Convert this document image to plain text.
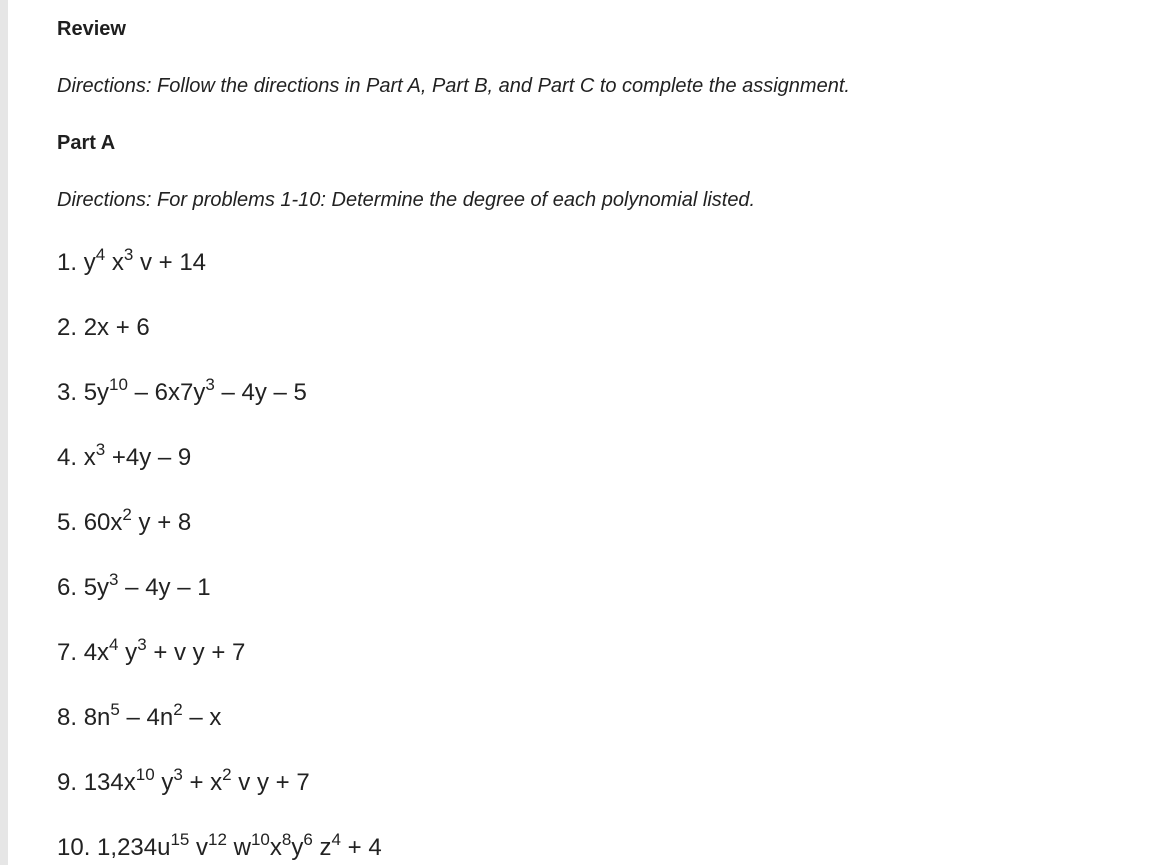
Review

Directions: Follow the directions in Part A, Part B, and Part C to complete the assignment.

Part A

Directions: For problems 1-10: Determine the degree of each polynomial listed.

1. $y^4$ $x^3$ v + 14

2. 2x + 6

3. $5y^{10} - 6x7y^3 - 4y - 5$

4. $x^3 +4y - 9$

5. $60x^2$ y + 8

6. $5y^3 - 4y - 1$

7. $4x^4$ $y^3 + v$ y + 7

8. $8n^5 - 4n^2$ – x

9. $134x^{10}$ $y^3 + x^2$ v y + 7

10. $1,234u^{15}$ $v^{12}$ $w^{10}x^8y^6$ $z^4 + 4$
